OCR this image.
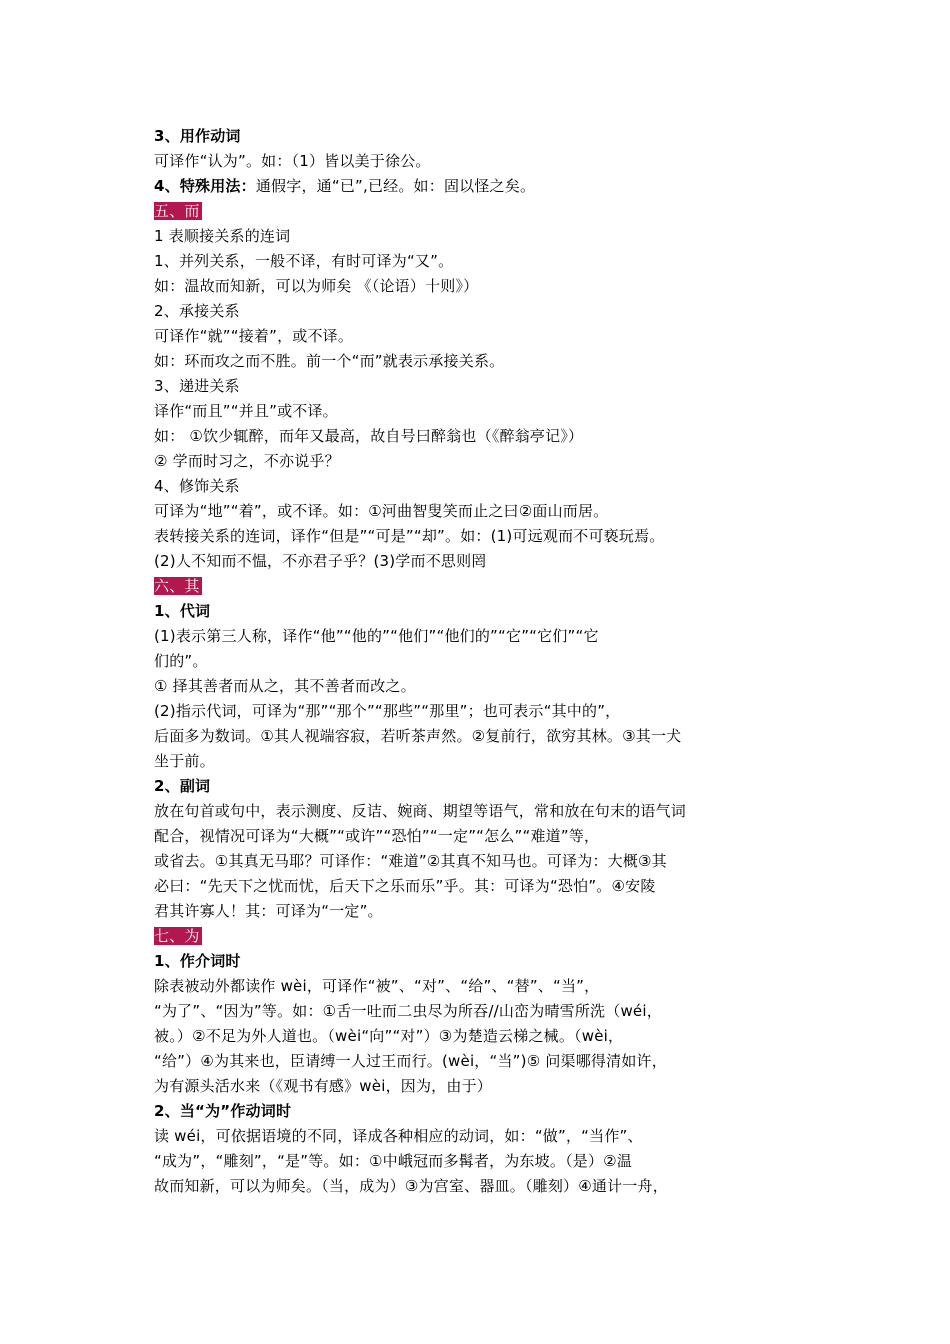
3、用作动词
可译作“认为”。如：（1）皆以美于徐公。
4、特殊用法：通假字，通“已”,已经。如：固以怪之矣。
五、而
1 表顺接关系的连词
1、并列关系，一般不译，有时可译为“又”。
如：温故而知新，可以为师矣 《（论语）十则》）
2、承接关系
可译作“就”“接着”，或不译。
如：环而攻之而不胜。前一个“而”就表示承接关系。
3、递进关系
译作“而且”“并且”或不译。
如： ①饮少辄醉，而年又最高，故自号曰醉翁也（《醉翁亭记》）
② 学而时习之，不亦说乎？
4、修饰关系
可译为“地”“着”，或不译。如：①河曲智叟笑而止之曰②面山而居。
表转接关系的连词，译作“但是”“可是”“却”。如：(1)可远观而不可亵玩焉。
(2)人不知而不愠，不亦君子乎？(3)学而不思则罔
六、其
1、代词
(1)表示第三人称，译作“他”“他的”“他们”“他们的”“它”“它们”“它
们的”。
① 择其善者而从之，其不善者而改之。
(2)指示代词，可译为“那”“那个”“那些”“那里”；也可表示“其中的”，
后面多为数词。①其人视端容寂，若听茶声然。②复前行，欲穷其林。③其一犬
坐于前。
2、副词
放在句首或句中，表示测度、反诘、婉商、期望等语气，常和放在句末的语气词
配合，视情况可译为“大概”“或许”“恐怕”“一定”“怎么”“难道”等，
或省去。①其真无马耶？可译作：“难道”②其真不知马也。可译为：大概③其
必曰：“先天下之忧而忧，后天下之乐而乐”乎。其：可译为“恐怕”。④安陵
君其许寡人！其：可译为“一定”。
七、为
1、作介词时
除表被动外都读作 wèi，可译作“被”、“对”、“给”、“替”、“当”，
“为了”、“因为”等。如：①舌一吐而二虫尽为所吞//山峦为晴雪所洗（wéi，
被。）②不足为外人道也。（wèi“向”“对”）③为楚造云梯之械。（wèi，
“给”）④为其来也，臣请缚一人过王而行。(wèi，“当”)⑤ 问渠哪得清如许，
为有源头活水来（《观书有感》wèi，因为，由于）
2、当“为”作动词时
读 wéi，可依据语境的不同，译成各种相应的动词，如：“做”，“当作”、
“成为”，“雕刻”，“是”等。如：①中峨冠而多髯者，为东坡。（是）②温
故而知新，可以为师矣。（当，成为）③为宫室、器皿。（雕刻）④通计一舟，
